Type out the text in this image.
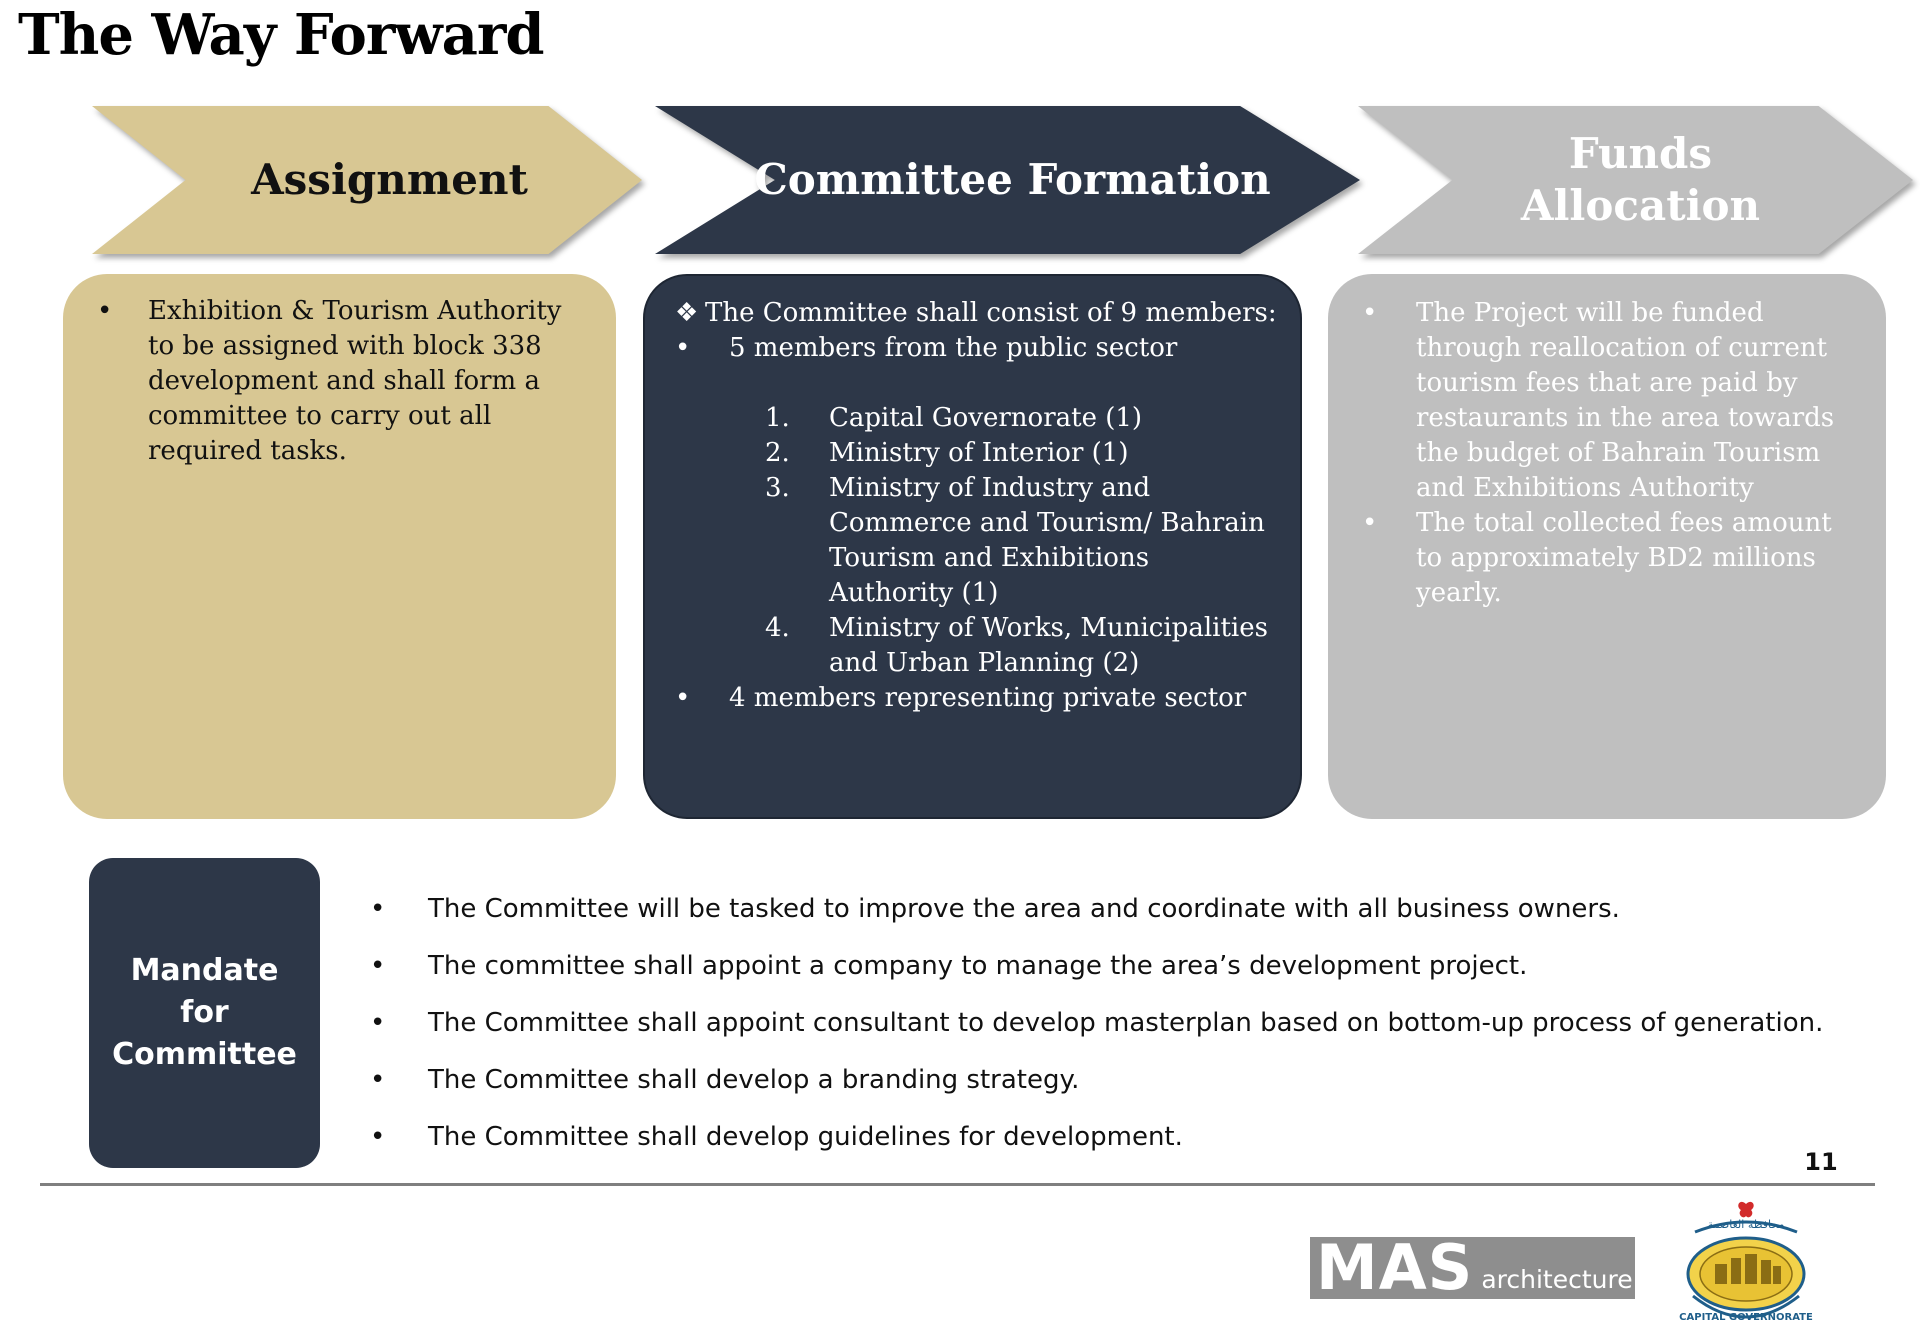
The Way Forward
Assignment	Committee Formation
Funds Allocation
•
Exhibition & Tourism Authority to be assigned with block 338 development and shall form a committee to carry out all required tasks.
❖ The Committee shall consist of 9 members:
•
5 members from the public sector
1.	Capital Governorate (1)
2.	Ministry of Interior (1)
3.	Ministry of Industry and Commerce and Tourism/ Bahrain Tourism and Exhibitions Authority (1)
4.	Ministry of Works, Municipalities and Urban Planning (2)
•
4 members representing private sector
•
The Project will be funded through reallocation of current tourism fees that are paid by restaurants in the area towards the budget of Bahrain Tourism and Exhibitions Authority
•
The total collected fees amount to approximately BD2 millions yearly.
Mandate for Committee
•
The Committee will be tasked to improve the area and coordinate with all business owners.
•
The committee shall appoint a company to manage the area’s development project.
•
The Committee shall appoint consultant to develop masterplan based on bottom-up process of generation.
•
The Committee shall develop a branding strategy.
•
The Committee shall develop guidelines for development.
11
MAS architecture
CAPITAL GOVERNORATE
محافظة العاصمة
